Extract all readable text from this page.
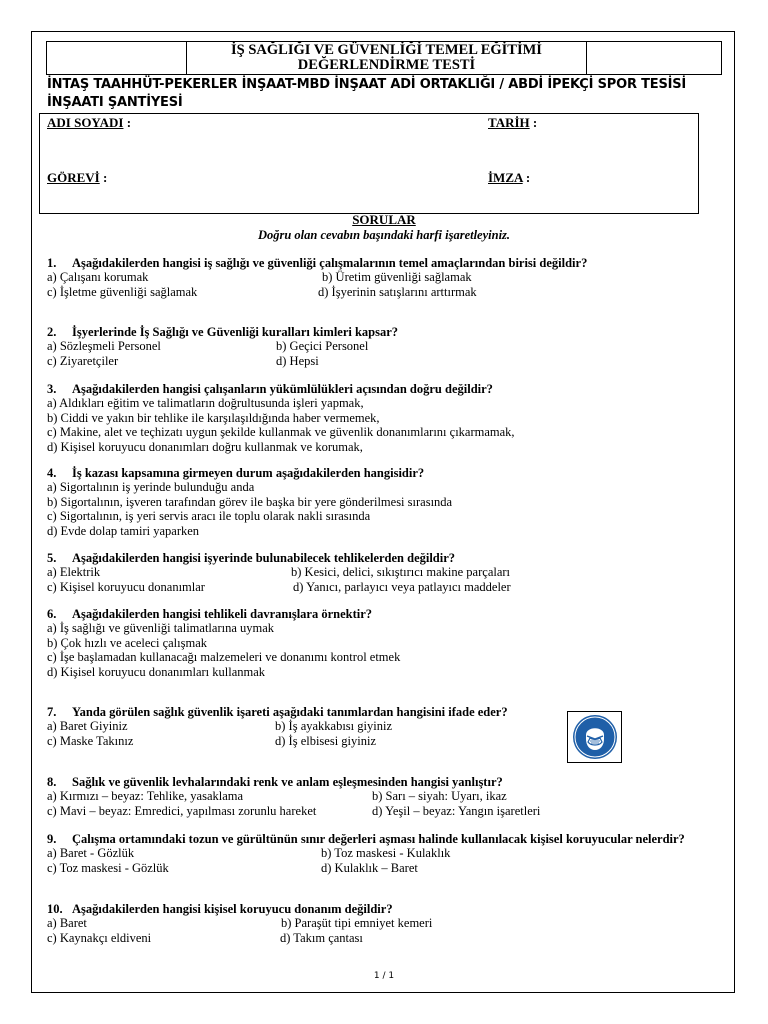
İŞ SAĞLIĞI VE GÜVENLİĞİ TEMEL EĞİTİMİ
DEĞERLENDİRME TESTİ
İNTAŞ TAAHHÜT-PEKERLER İNŞAAT-MBD İNŞAAT ADİ ORTAKLIĞI / ABDİ İPEKÇİ SPOR TESİSİ İNŞAATI ŞANTİYESİ
ADI SOYADI :	TARİH :
GÖREVİ :	İMZA :
SORULAR
Doğru olan cevabın başındaki harfi işaretleyiniz.
1. Aşağıdakilerden hangisi iş sağlığı ve güvenliği çalışmalarının temel amaçlarından birisi değildir?
a) Çalışanı korumak	b) Üretim güvenliği sağlamak
c) İşletme güvenliği sağlamak	d) İşyerinin satışlarını arttırmak
2. İşyerlerinde İş Sağlığı ve Güvenliği kuralları kimleri kapsar?
a) Sözleşmeli Personel	b) Geçici Personel
c) Ziyaretçiler	d) Hepsi
3. Aşağıdakilerden hangisi çalışanların yükümlülükleri açısından doğru değildir?
a) Aldıkları eğitim ve talimatların doğrultusunda işleri yapmak,
b) Ciddi ve yakın bir tehlike ile karşılaşıldığında haber vermemek,
c) Makine, alet ve teçhizatı uygun şekilde kullanmak ve güvenlik donanımlarını çıkarmamak,
d) Kişisel koruyucu donanımları doğru kullanmak ve korumak,
4. İş kazası kapsamına girmeyen durum aşağıdakilerden hangisidir?
a) Sigortalının iş yerinde bulunduğu anda
b) Sigortalının, işveren tarafından görev ile başka bir yere gönderilmesi sırasında
c) Sigortalının, iş yeri servis aracı ile toplu olarak nakli sırasında
d) Evde dolap tamiri yaparken
5. Aşağıdakilerden hangisi işyerinde bulunabilecek tehlikelerden değildir?
a) Elektrik	b) Kesici, delici, sıkıştırıcı makine parçaları
c) Kişisel koruyucu donanımlar	d) Yanıcı, parlayıcı veya patlayıcı maddeler
6. Aşağıdakilerden hangisi tehlikeli davranışlara örnektir?
a) İş sağlığı ve güvenliği talimatlarına uymak
b) Çok hızlı ve aceleci çalışmak
c) İşe başlamadan kullanacağı malzemeleri ve donanımı kontrol etmek
d) Kişisel koruyucu donanımları kullanmak
7. Yanda görülen sağlık güvenlik işareti aşağıdaki tanımlardan hangisini ifade eder?
a) Baret Giyiniz	b) İş ayakkabısı giyiniz
c) Maske Takınız	d) İş elbisesi giyiniz
8. Sağlık ve güvenlik levhalarındaki renk ve anlam eşleşmesinden hangisi yanlıştır?
a) Kırmızı – beyaz: Tehlike, yasaklama	b) Sarı – siyah: Uyarı, ikaz
c) Mavi – beyaz: Emredici, yapılması zorunlu hareket	d) Yeşil – beyaz: Yangın işaretleri
9. Çalışma ortamındaki tozun ve gürültünün sınır değerleri aşması halinde kullanılacak kişisel koruyucular nelerdir?
a) Baret - Gözlük	b) Toz maskesi - Kulaklık
c) Toz maskesi - Gözlük	d) Kulaklık – Baret
10. Aşağıdakilerden hangisi kişisel koruyucu donanım değildir?
a) Baret	b) Paraşüt tipi emniyet kemeri
c) Kaynakçı eldiveni	d) Takım çantası
1 / 1
